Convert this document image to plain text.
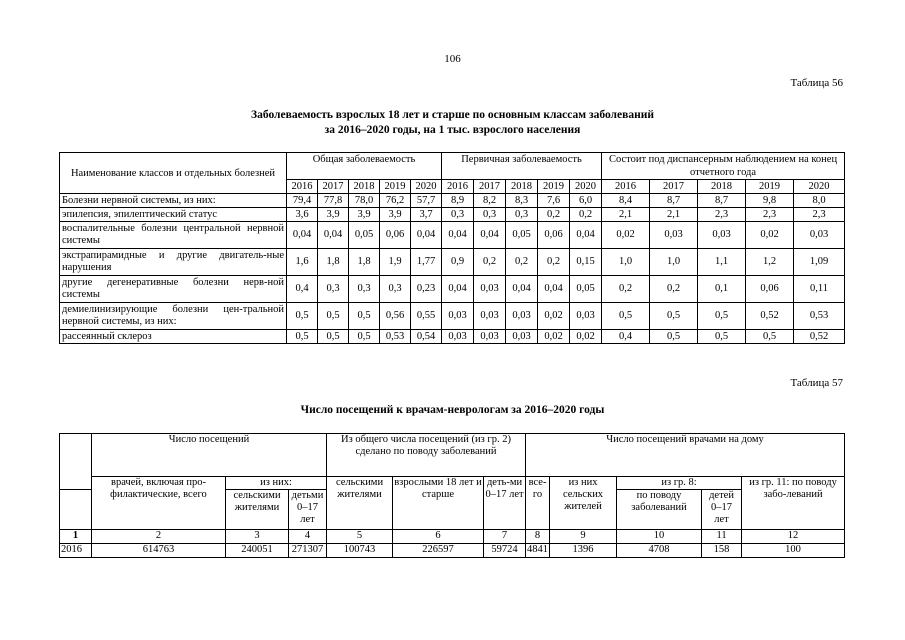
106
Таблица 56
Заболеваемость взрослых 18 лет и старше по основным классам заболеваний
за 2016–2020 годы, на 1 тыс. взрослого населения
Наименование классов и отдельных болезней	Общая заболеваемость					Первичная заболеваемость					Состоит под диспансерным наблюдением на конец отчетного года				
	2016	2017	2018	2019	2020	2016	2017	2018	2019	2020	2016	2017	2018	2019	2020
Болезни нервной системы, из них:	79,4	77,8	78,0	76,2	57,7	8,9	8,2	8,3	7,6	6,0	8,4	8,7	8,7	9,8	8,0
эпилепсия, эпилептический статус	3,6	3,9	3,9	3,9	3,7	0,3	0,3	0,3	0,2	0,2	2,1	2,1	2,3	2,3	2,3
воспалительные болезни центральной нервной системы	0,04	0,04	0,05	0,06	0,04	0,04	0,04	0,05	0,06	0,04	0,02	0,03	0,03	0,02	0,03
экстрапирамидные и другие двигатель-ные нарушения	1,6	1,8	1,8	1,9	1,77	0,9	0,2	0,2	0,2	0,15	1,0	1,0	1,1	1,2	1,09
другие дегенеративные болезни нерв-ной системы	0,4	0,3	0,3	0,3	0,23	0,04	0,03	0,04	0,04	0,05	0,2	0,2	0,1	0,06	0,11
демиелинизирующие болезни цен-тральной нервной системы, из них:	0,5	0,5	0,5	0,56	0,55	0,03	0,03	0,03	0,02	0,03	0,5	0,5	0,5	0,52	0,53
рассеянный склероз	0,5	0,5	0,5	0,53	0,54	0,03	0,03	0,03	0,02	0,02	0,4	0,5	0,5	0,5	0,52
Таблица 57
Число посещений к врачам-неврологам за 2016–2020 годы
	Число посещений			Из общего числа посещений (из гр. 2) сделано по поводу заболеваний			Число посещений врачами на дому				
	врачей, включая про-филактические, всего	из них:		сельскими жителями	взрослыми 18 лет и старше	деть-ми 0–17 лет	все-го	из них сельских жителей	из гр. 8:		из гр. 11: по поводу забо-леваний
		сельскими жителями	детьми 0–17 лет						по поводу заболеваний	детей 0–17 лет	
1	2	3	4	5	6	7	8	9	10	11	12
2016	614763	240051	271307	100743	226597	59724	4841	1396	4708	158	100
